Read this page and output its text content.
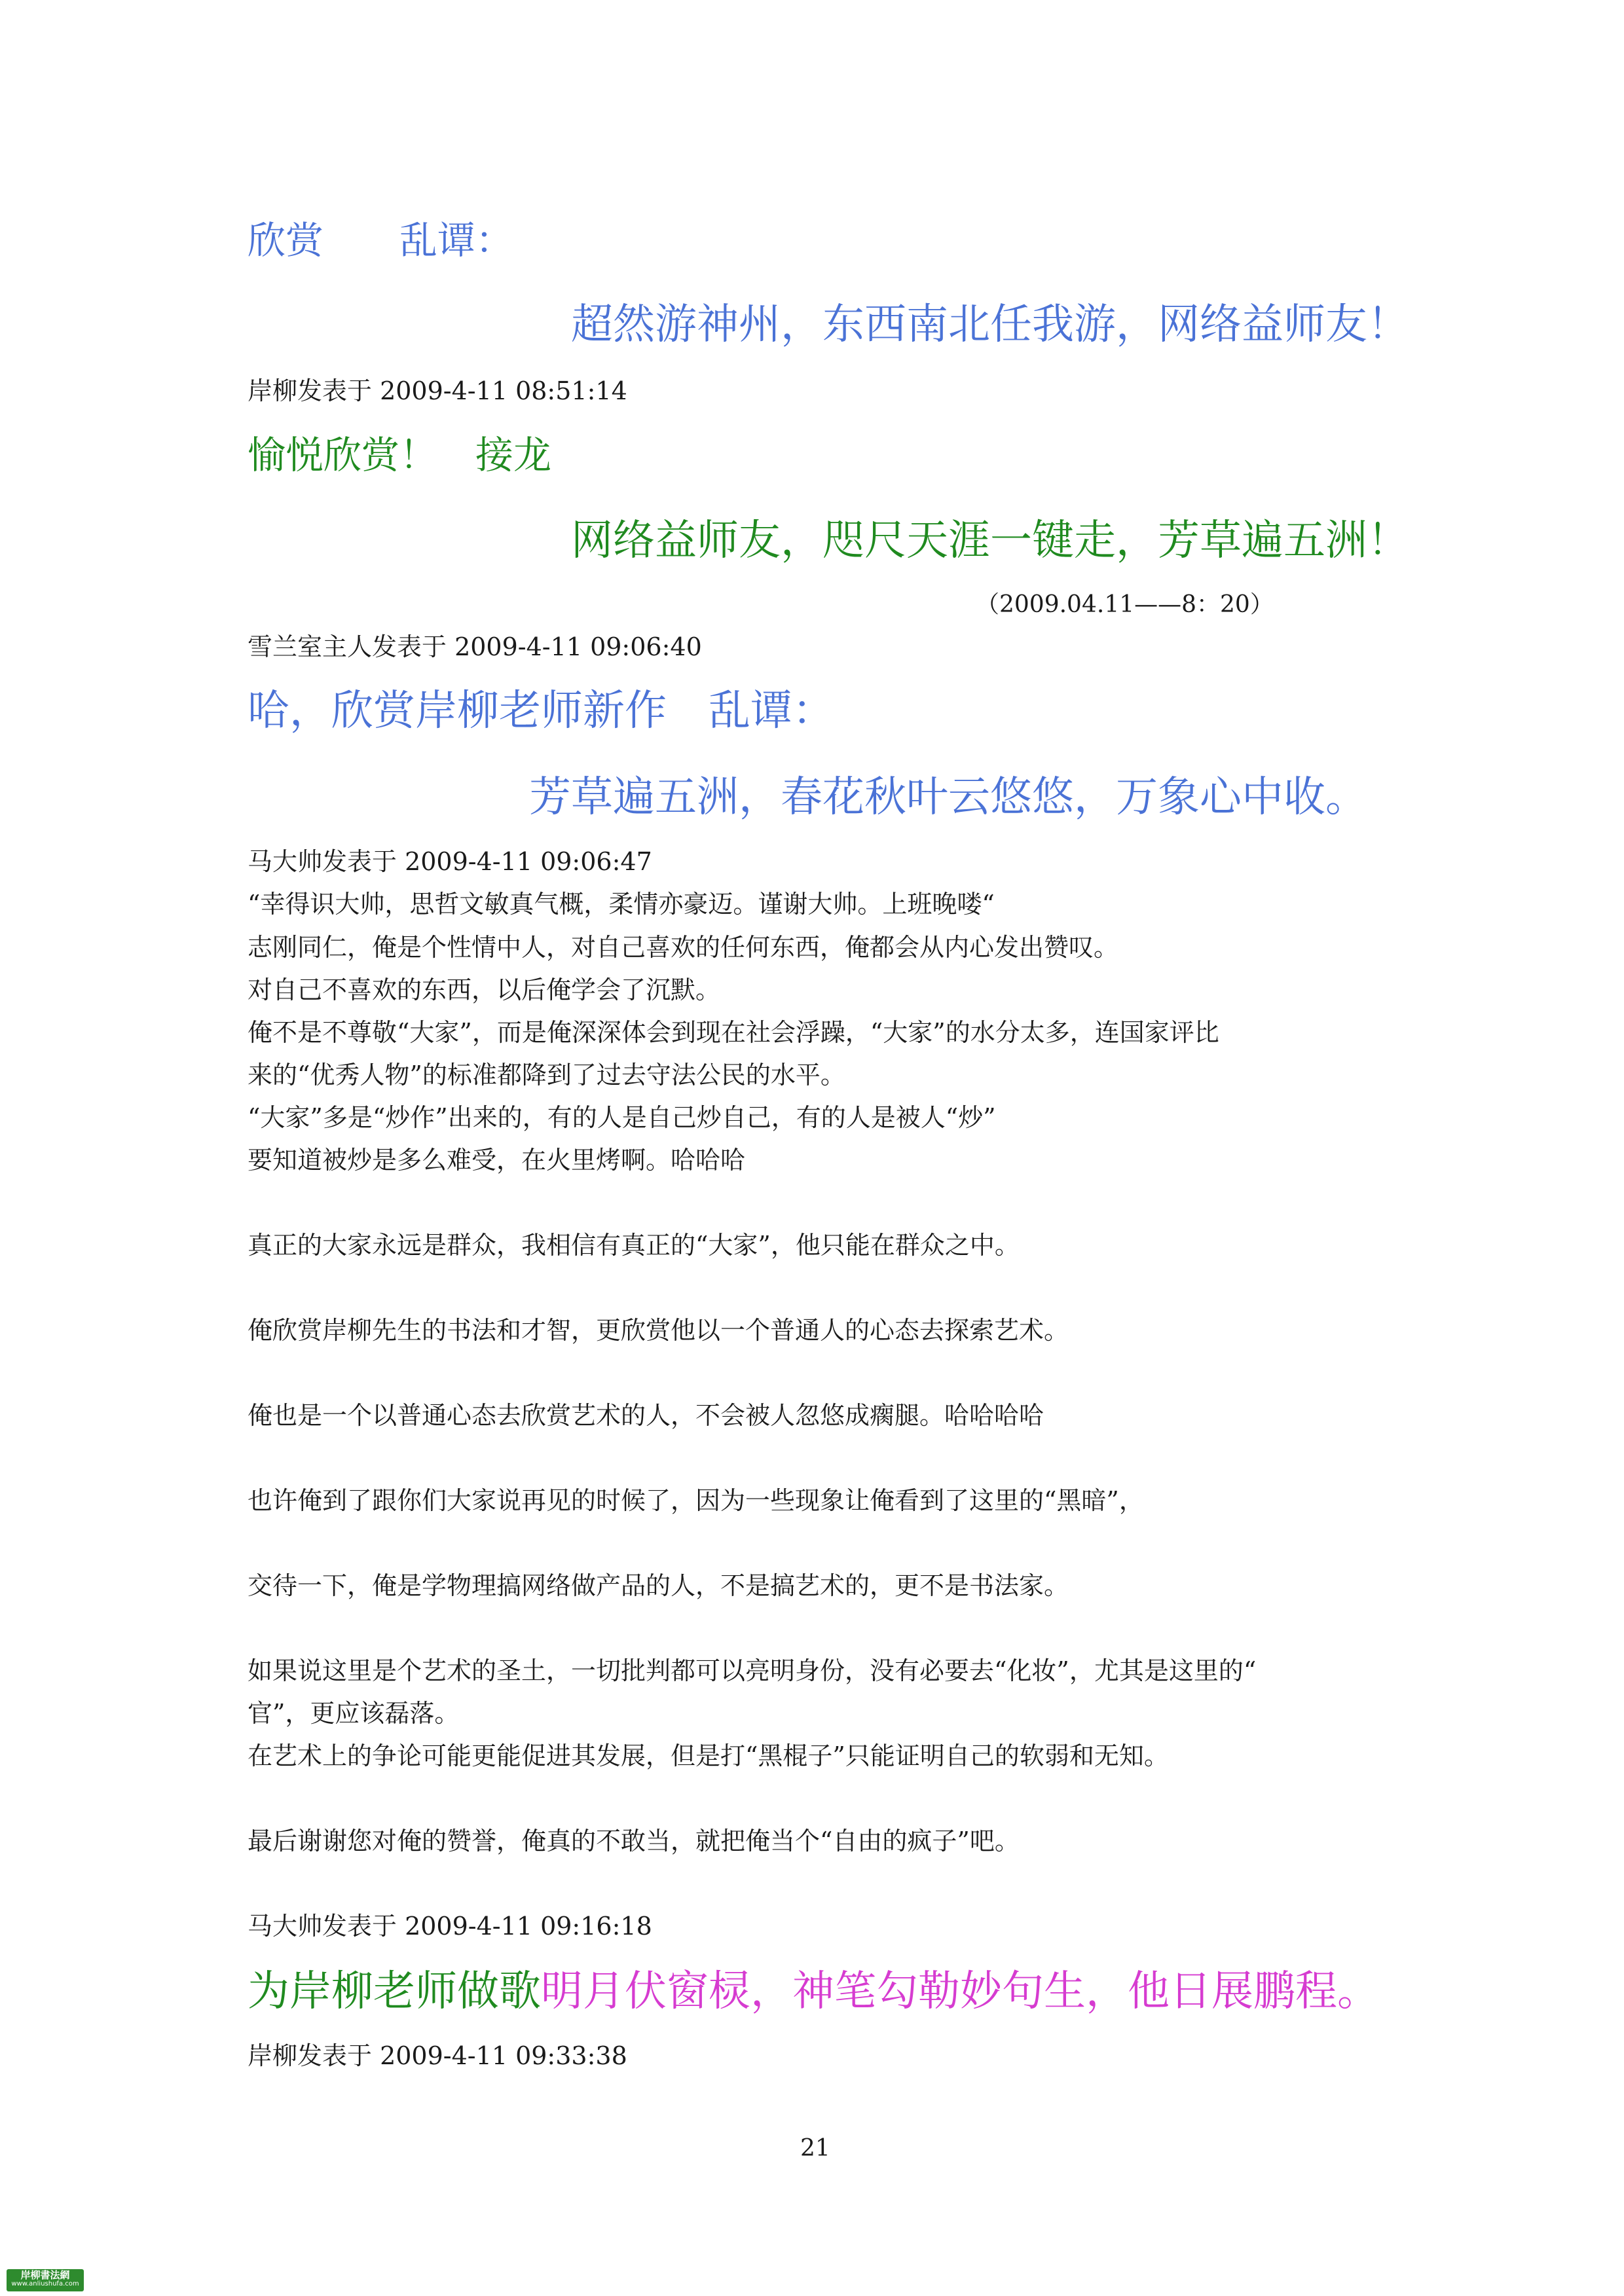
欣赏　　乱谭：

超然游神州，东西南北任我游，网络益师友！

岸柳发表于 2009-4-11 08:51:14

愉悦欣赏！　接龙

网络益师友，咫尺天涯一键走，芳草遍五洲！

（2009.04.11——8：20）

雪兰室主人发表于 2009-4-11 09:06:40

哈，欣赏岸柳老师新作　乱谭：

芳草遍五洲，春花秋叶云悠悠，万象心中收。

马大帅发表于 2009-4-11 09:06:47

“幸得识大帅，思哲文敏真气概，柔情亦豪迈。谨谢大帅。上班晚喽“

志刚同仁，俺是个性情中人，对自己喜欢的任何东西，俺都会从内心发出赞叹。

对自己不喜欢的东西，以后俺学会了沉默。

俺不是不尊敬“大家”，而是俺深深体会到现在社会浮躁，“大家”的水分太多，连国家评比

来的“优秀人物”的标准都降到了过去守法公民的水平。

“大家”多是“炒作”出来的，有的人是自己炒自己，有的人是被人“炒”

要知道被炒是多么难受，在火里烤啊。哈哈哈

真正的大家永远是群众，我相信有真正的“大家”，他只能在群众之中。

俺欣赏岸柳先生的书法和才智，更欣赏他以一个普通人的心态去探索艺术。

俺也是一个以普通心态去欣赏艺术的人，不会被人忽悠成瘸腿。哈哈哈哈

也许俺到了跟你们大家说再见的时候了，因为一些现象让俺看到了这里的“黑暗”，

交待一下，俺是学物理搞网络做产品的人，不是搞艺术的，更不是书法家。

如果说这里是个艺术的圣土，一切批判都可以亮明身份，没有必要去“化妆”，尤其是这里的“

官”，更应该磊落。

在艺术上的争论可能更能促进其发展，但是打“黑棍子”只能证明自己的软弱和无知。

最后谢谢您对俺的赞誉，俺真的不敢当，就把俺当个“自由的疯子”吧。

马大帅发表于 2009-4-11 09:16:18

为岸柳老师做歌明月伏窗棂，神笔勾勒妙句生，他日展鹏程。

岸柳发表于 2009-4-11 09:33:38

21

岸柳書法網
www.anliushufa.com
